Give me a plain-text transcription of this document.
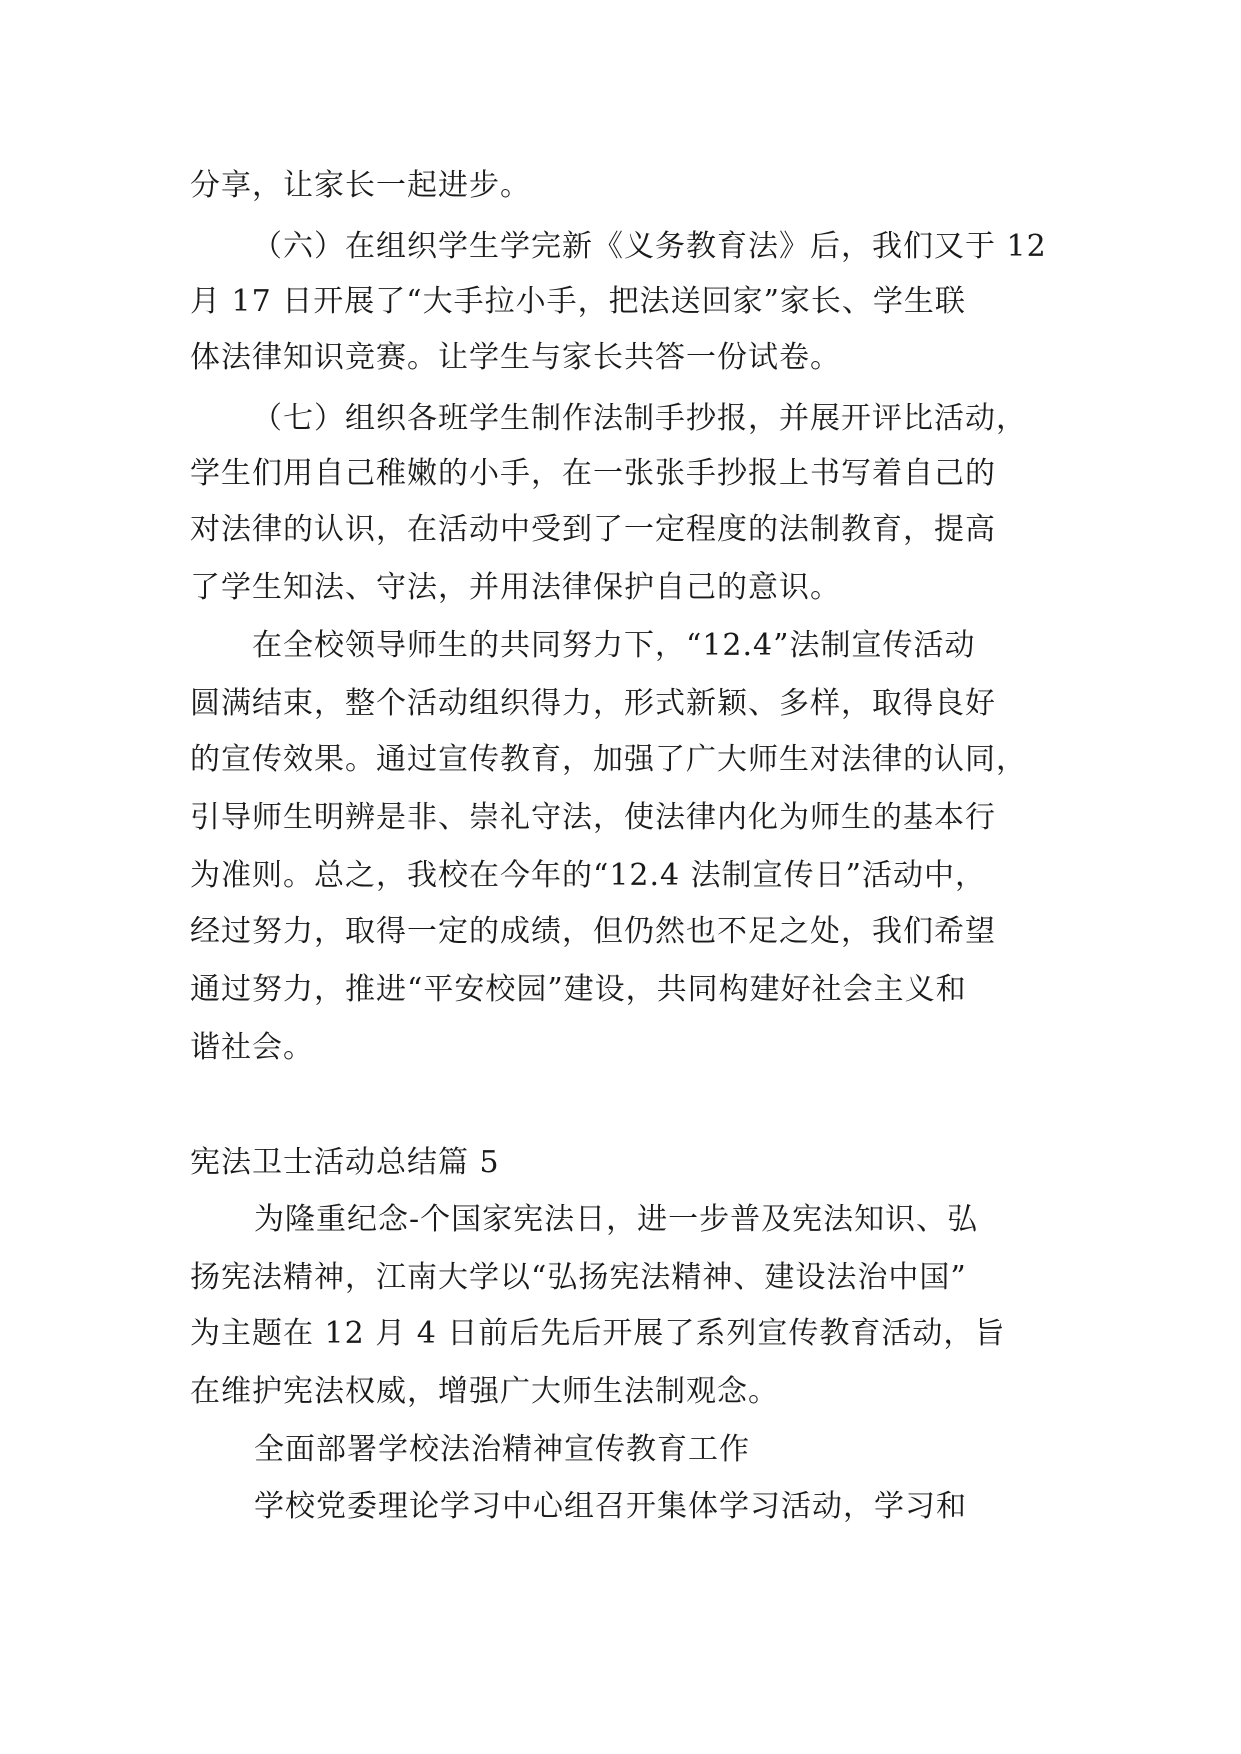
分享，让家长一起进步。
（六）在组织学生学完新《义务教育法》后，我们又于 12
月 17 日开展了“大手拉小手，把法送回家”家长、学生联
体法律知识竞赛。让学生与家长共答一份试卷。
（七）组织各班学生制作法制手抄报，并展开评比活动，
学生们用自己稚嫩的小手，在一张张手抄报上书写着自己的
对法律的认识，在活动中受到了一定程度的法制教育，提高
了学生知法、守法，并用法律保护自己的意识。
在全校领导师生的共同努力下，“12.4”法制宣传活动
圆满结束，整个活动组织得力，形式新颖、多样，取得良好
的宣传效果。通过宣传教育，加强了广大师生对法律的认同，
引导师生明辨是非、崇礼守法，使法律内化为师生的基本行
为准则。总之，我校在今年的“12.4 法制宣传日”活动中，
经过努力，取得一定的成绩，但仍然也不足之处，我们希望
通过努力，推进“平安校园”建设，共同构建好社会主义和
谐社会。
宪法卫士活动总结篇 5
为隆重纪念-个国家宪法日，进一步普及宪法知识、弘
扬宪法精神，江南大学以“弘扬宪法精神、建设法治中国”
为主题在 12 月 4 日前后先后开展了系列宣传教育活动，旨
在维护宪法权威，增强广大师生法制观念。
全面部署学校法治精神宣传教育工作
学校党委理论学习中心组召开集体学习活动，学习和
